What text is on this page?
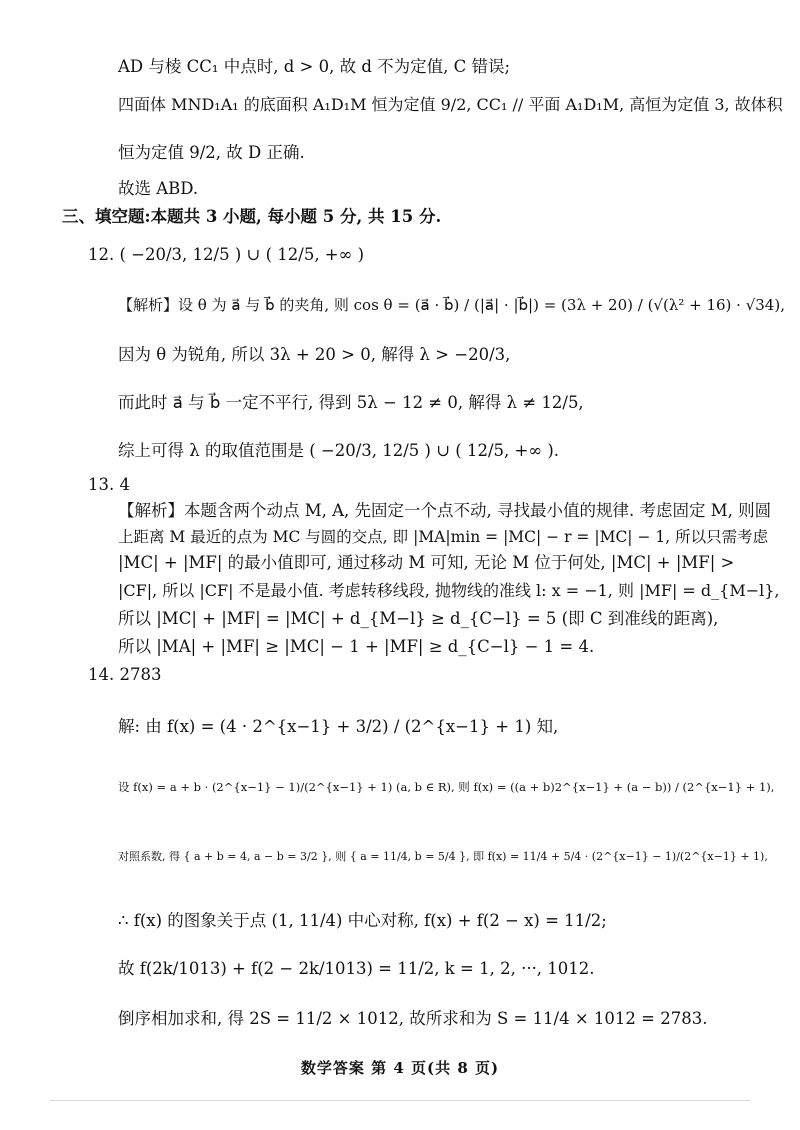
AD 与棱 CC₁ 中点时, d > 0, 故 d 不为定值, C 错误;
四面体 MND₁A₁ 的底面积 A₁D₁M 恒为定值 9/2, CC₁ // 平面 A₁D₁M, 高恒为定值 3, 故体积
恒为定值 9/2, 故 D 正确.
故选 ABD.
三、填空题:本题共 3 小题, 每小题 5 分, 共 15 分.
12. ( −20/3, 12/5 ) ∪ ( 12/5, +∞ )
【解析】设 θ 为 a⃗ 与 b⃗ 的夹角, 则 cos θ = (a⃗ · b⃗) / (|a⃗| · |b⃗|) = (3λ + 20) / (√(λ² + 16) · √34),
因为 θ 为锐角, 所以 3λ + 20 > 0, 解得 λ > −20/3,
而此时 a⃗ 与 b⃗ 一定不平行, 得到 5λ − 12 ≠ 0, 解得 λ ≠ 12/5,
综上可得 λ 的取值范围是 ( −20/3, 12/5 ) ∪ ( 12/5, +∞ ).
13. 4
【解析】本题含两个动点 M, A, 先固定一个点不动, 寻找最小值的规律. 考虑固定 M, 则圆
上距离 M 最近的点为 MC 与圆的交点, 即 |MA|min = |MC| − r = |MC| − 1, 所以只需考虑
|MC| + |MF| 的最小值即可, 通过移动 M 可知, 无论 M 位于何处, |MC| + |MF| >
|CF|, 所以 |CF| 不是最小值. 考虑转移线段, 抛物线的准线 l: x = −1, 则 |MF| = d_{M−l},
所以 |MC| + |MF| = |MC| + d_{M−l} ≥ d_{C−l} = 5 (即 C 到准线的距离),
所以 |MA| + |MF| ≥ |MC| − 1 + |MF| ≥ d_{C−l} − 1 = 4.
14. 2783
解: 由 f(x) = (4 · 2^{x−1} + 3/2) / (2^{x−1} + 1) 知,
设 f(x) = a + b · (2^{x−1} − 1)/(2^{x−1} + 1) (a, b ∈ R), 则 f(x) = ((a + b)2^{x−1} + (a − b)) / (2^{x−1} + 1),
对照系数, 得 { a + b = 4, a − b = 3/2 }, 则 { a = 11/4, b = 5/4 }, 即 f(x) = 11/4 + 5/4 · (2^{x−1} − 1)/(2^{x−1} + 1),
∴ f(x) 的图象关于点 (1, 11/4) 中心对称, f(x) + f(2 − x) = 11/2;
故 f(2k/1013) + f(2 − 2k/1013) = 11/2, k = 1, 2, ···, 1012.
倒序相加求和, 得 2S = 11/2 × 1012, 故所求和为 S = 11/4 × 1012 = 2783.
数学答案 第 4 页(共 8 页)
